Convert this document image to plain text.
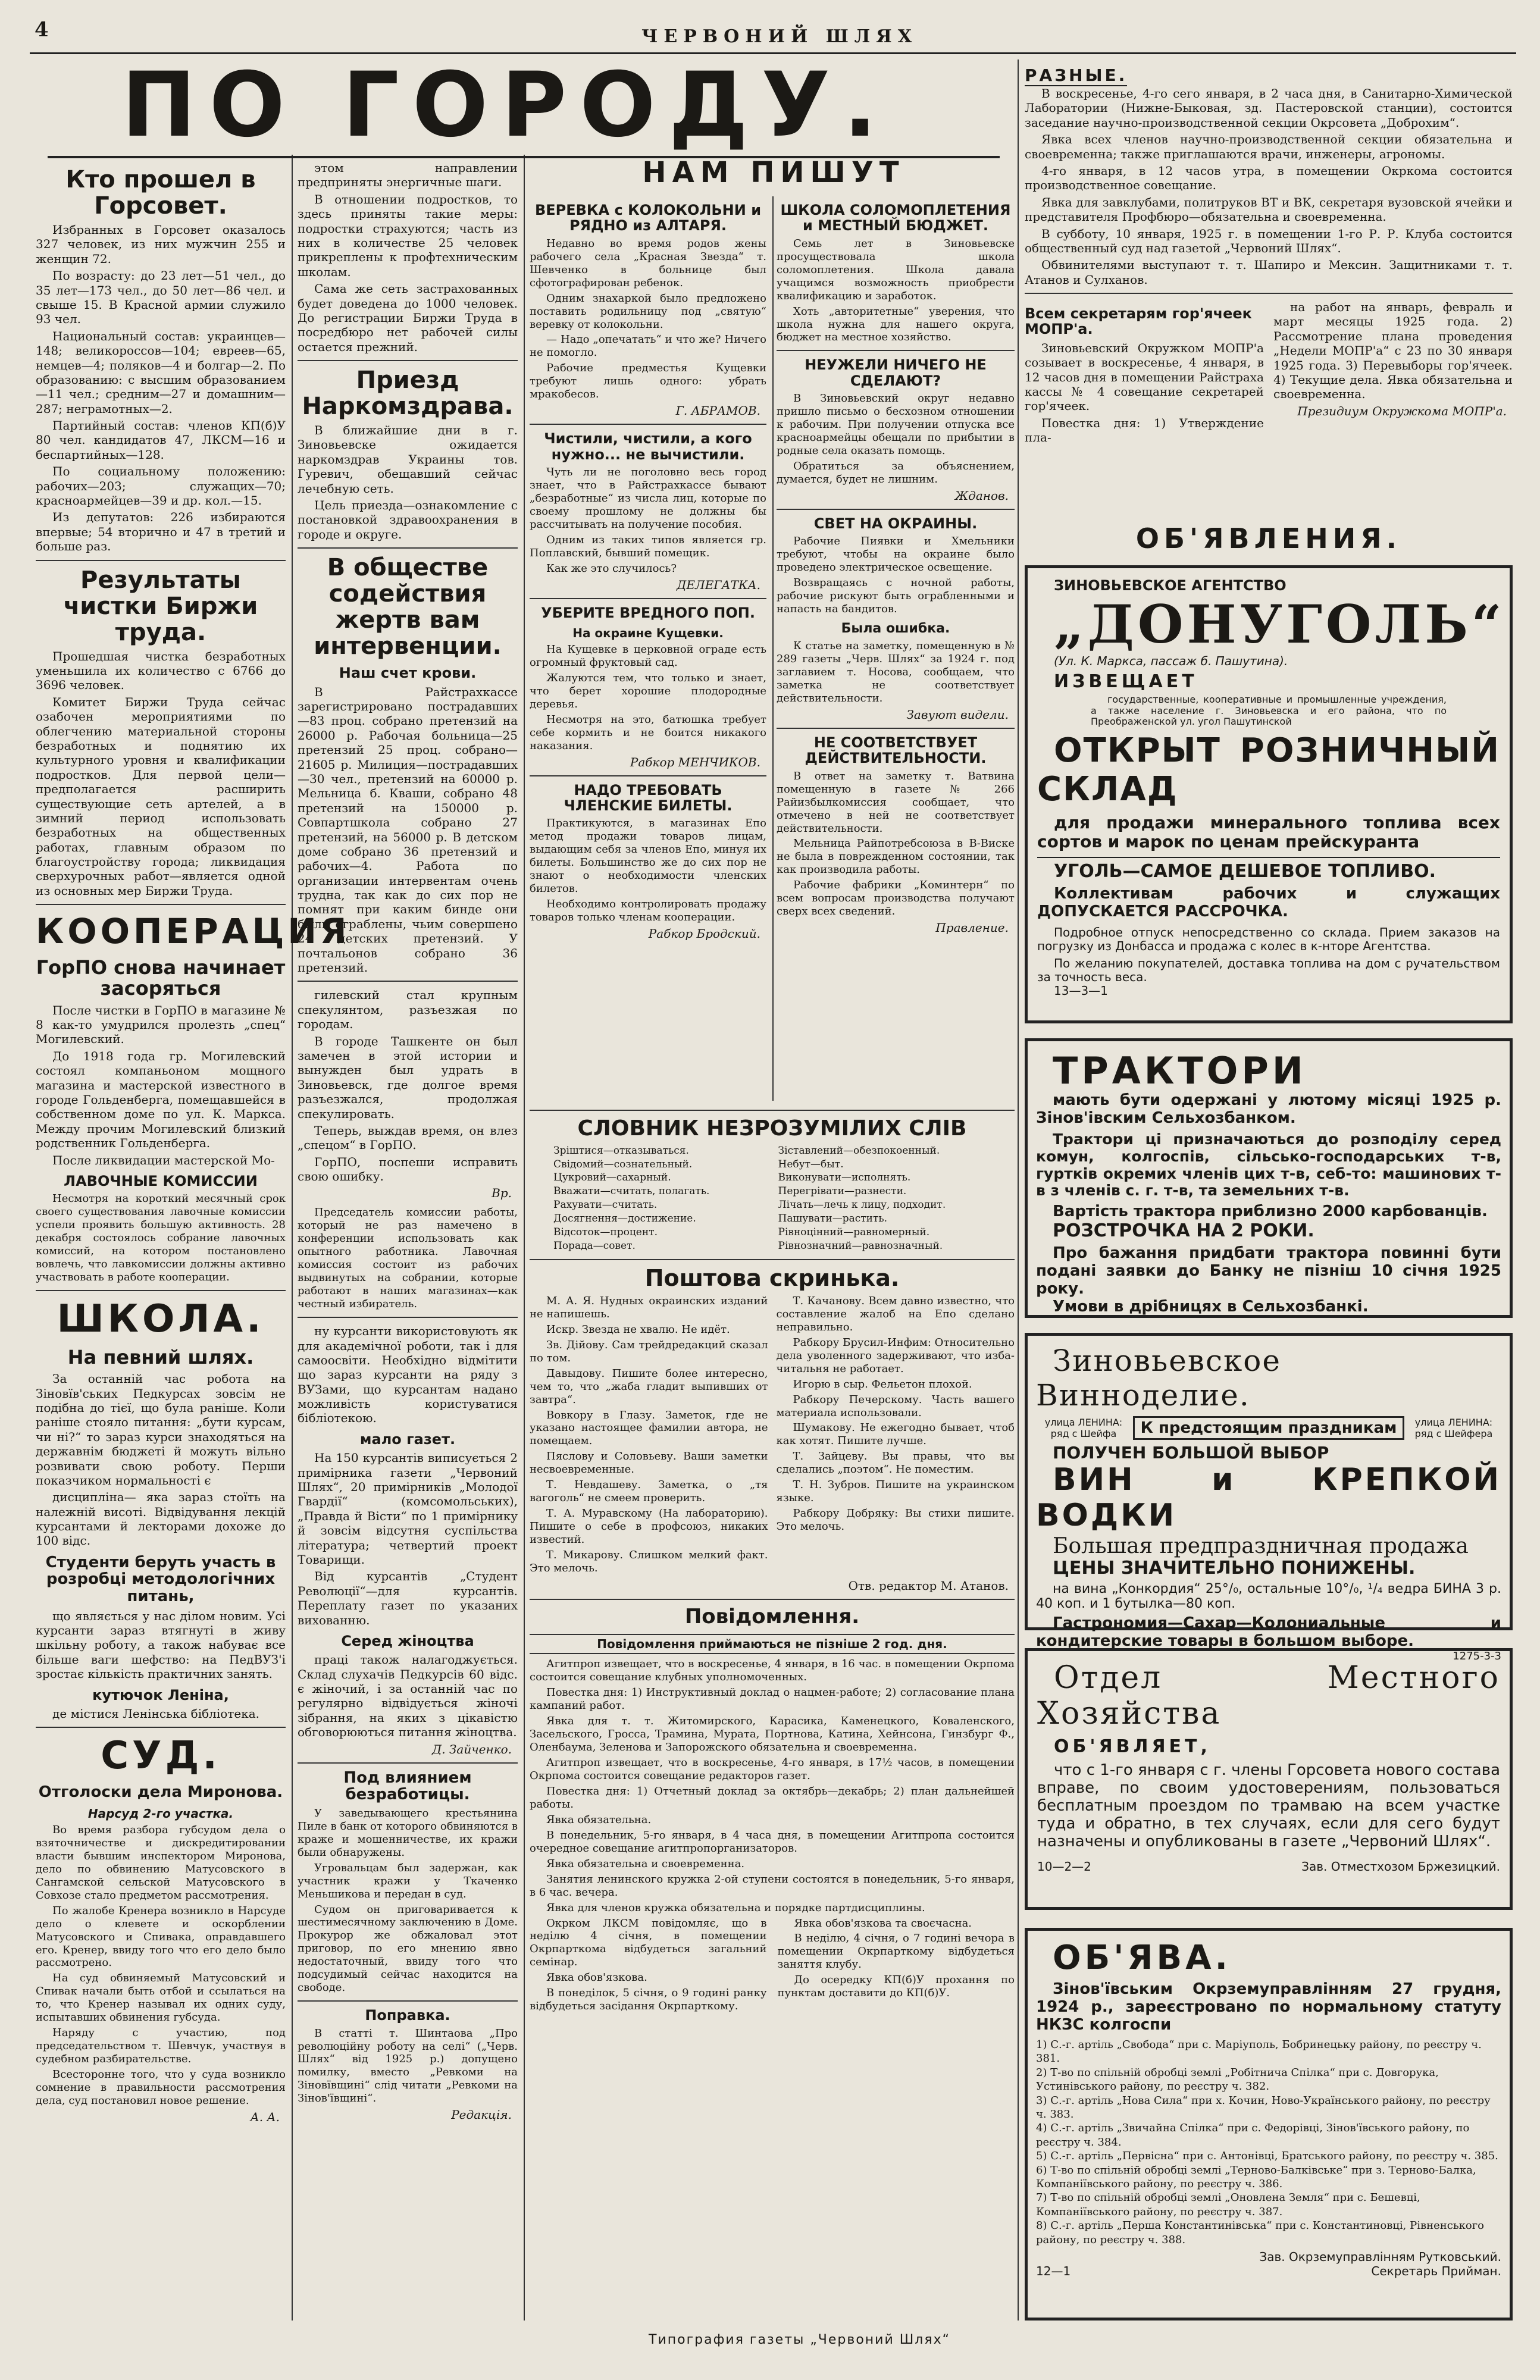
4	ЧЕРВОНИЙ ШЛЯХ
ПО ГОРОДУ.
Кто прошел в Горсовет.

Избранных в Горсовет оказалось 327 человек, из них мужчин 255 и женщин 72.

По возрасту: до 23 лет—51 чел., до 35 лет—173 чел., до 50 лет—86 чел. и свыше 15. В Красной армии служило 93 чел.

Национальный состав: украинцев—148; великороссов—104; евреев—65, немцев—4; поляков—4 и болгар—2. По образованию: с высшим образованием—11 чел.; средним—27 и домашним—287; неграмотных—2.

Партийный состав: членов КП(б)У 80 чел. кандидатов 47, ЛКСМ—16 и беспартийных—128.

По социальному положению: рабочих—203; служащих—70; красноармейцев—39 и др. кол.—15.

Из депутатов: 226 избираются впервые; 54 вторично и 47 в третий и больше раз.

Результаты чистки Биржи труда.

Прошедшая чистка безработных уменьшила их количество с 6766 до 3696 человек.

Комитет Биржи Труда сейчас озабочен мероприятиями по облегчению материальной стороны безработных и поднятию их культурного уровня и квалификации подростков. Для первой цели—предполагается расширить существующие сеть артелей, а в зимний период использовать безработных на общественных работах, главным образом по благоустройству города; ликвидация сверхурочных работ—является одной из основных мер Биржи Труда.

КООПЕРАЦИЯ
ГорПО снова начинает засоряться

После чистки в ГорПО в магазине № 8 как-то умудрился пролезть „спец“ Могилевский.

До 1918 года гр. Могилевский состоял компаньоном мощного магазина и мастерской известного в городе Гольденберга, помещавшейся в собственном доме по ул. К. Маркса. Между прочим Могилевский близкий родственник Гольденберга.

После ликвидации мастерской Мо-

ЛАВОЧНЫЕ КОМИССИИ

Несмотря на короткий месячный срок своего существования лавочные комиссии успели проявить большую активность. 28 декабря состоялось собрание лавочных комиссий, на котором постановлено вовлечь, что лавкомиссии должны активно участвовать в работе кооперации.

ШКОЛА.
На певний шлях.

За останній час робота на Зіновїв'ських Педкурсах зовсім не подібна до тієї, що була раніше. Коли раніше стояло питання: „бути курсам, чи ні?“ то зараз курси знаходяться на державнім бюджеті й можуть вільно розвивати свою роботу. Перши показчиком нормальності є

дисципліна— яка зараз стоїть на належній висоті. Відвідування лекцій курсантами й лекторами дохоже до 100 відс.

Студенти беруть участь в розробці методологічних питань,

що являється у нас ділом новим. Усі курсанти зараз втягнуті в живу шкільну роботу, а також набуває все більше ваги шефство: на ПедВУЗ'і зростає кількість практичних занять.

кутючок Леніна,

де містися Ленінська бібліотека.

СУД.
Отголоски дела Миронова.
Нарсуд 2-го участка.

Во время разбора губсудом дела о взяточничестве и дискредитировании власти бывшим инспектором Миронова, дело по обвинению Матусовского в Сангамской сельской Матусовского в Совхозе стало предметом рассмотрения.

По жалобе Кренера возникло в Нарсуде дело о клевете и оскорблении Матусовского и Спивака, оправдавшего его. Кренер, ввиду того что его дело было рассмотрено.

На суд обвиняемый Матусовский и Спивак начали быть отбой и ссылаться на то, что Кренер называл их одних суду, испытавших обвинения губсуда.

Наряду с участию, под председательством т. Шевчук, участвуя в судебном разбирательстве.

Всесторонне того, что у суда возникло сомнение в правильности рассмотрения дела, суд постановил новое решение.

А. А.

этом направлении предприняты энергичные шаги.

В отношении подростков, то здесь приняты такие меры: подростки страхуются; часть из них в количестве 25 человек прикреплены к профтехническим школам.

Сама же сеть застрахованных будет доведена до 1000 человек. До регистрации Биржи Труда в посредбюро нет рабочей силы остается прежний.

Приезд Наркомздрава.

В ближайшие дни в г. Зиновьевске ожидается наркомздрав Украины тов. Гуревич, обещавший сейчас лечебную сеть.

Цель приезда—ознакомление с постановкой здравоохранения в городе и округе.

В обществе содействия жертв вам интервенции.
Наш счет крови.

В Райстрахкассе зарегистрировано пострадавших—83 проц. собрано претензий на 26000 р. Рабочая больница—25 претензий 25 проц. собрано—21605 р. Милиция—пострадавших—30 чел., претензий на 60000 р. Мельница б. Кваши, собрано 48 претензий на 150000 р. Совпартшкола собрано 27 претензий, на 56000 р. В детском доме собрано 36 претензий и рабочих—4. Работа по организации интервентам очень трудна, так как до сих пор не помнят при каким бинде они были ограблены, чьим совершено 24 детских претензий. У почтальонов собрано 36 претензий.

гилевский стал крупным спекулянтом, разъезжая по городам.

В городе Ташкенте он был замечен в этой истории и вынужден был удрать в Зиновьевск, где долгое время разъезжался, продолжая спекулировать.

Теперь, выждав время, он влез „спецом“ в ГорПО.

ГорПО, поспеши исправить свою ошибку.

Вр.

Председатель комиссии работы, который не раз намечено в конференции использовать как опытного работника. Лавочная комиссия состоит из рабочих выдвинутых на собрании, которые работают в наших магазинах—как честный избиратель.

ну курсанти використовують як для академічної роботи, так і для самоосвіти. Необхідно відмітити що зараз курсанти на ряду з ВУЗами, що курсантам надано можливість користуватися бібліотекою.

мало газет.

На 150 курсантів виписується 2 примірника газети „Червоний Шлях“, 20 примірників „Молодої Гвардії“ (комсомольських), „Правда й Вісти“ по 1 примірнику й зовсім відсутня суспільства література; четвертий проект Товарищи.

Від курсантів „Студент Революції“—для курсантів. Переплату газет по указаних вихованню.

Серед жіноцтва

праці також налагоджується. Склад слухачів Педкурсів 60 відс. є жіночий, і за останній час по регулярно відвідується жіночі зібрання, на яких з цікавістю обговорюються питання жіноцтва.

Д. Зайченко.
Под влиянием безработицы.

У заведывающего крестьянина Пиле в банк от которого обвиняются в краже и мошенничестве, их кражи были обнаружены.

Угровальцам был задержан, как участник кражи у Ткаченко Меньшикова и передан в суд.

Судом он приговаривается к шестимесячному заключению в Доме. Прокурор же обжаловал этот приговор, по его мнению явно недостаточный, ввиду того что подсудимый сейчас находится на свободе.

Поправка.

В статті т. Шинтаова „Про революційну роботу на селі“ („Черв. Шлях“ від 1925 р.) допущено помилку, вместо „Ревкоми на Зіновївщині“ слід читати „Ревкоми на Зінов'ївщині“.

Редакція.
НАМ ПИШУТ
ВЕРЕВКА с КОЛОКОЛЬНИ и РЯДНО из АЛТАРЯ.

Недавно во время родов жены рабочего села „Красная Звезда“ т. Шевченко в больнице был сфотографирован ребенок.

Одним знахаркой было предложено поставить родильницу под „святую“ веревку от колокольни.

— Надо „опечатать“ и что же? Ничего не помогло.

Рабочие предместья Кущевки требуют лишь одного: убрать мракобесов.

Г. АБРАМОВ.
Чистили, чистили, а кого нужно... не вычистили.

Чуть ли не поголовно весь город знает, что в Райстрахкассе бывают „безработные“ из числа лиц, которые по своему прошлому не должны бы рассчитывать на получение пособия.

Одним из таких типов является гр. Поплавский, бывший помещик.

Как же это случилось?

ДЕЛЕГАТКА.
УБЕРИТЕ ВРЕДНОГО ПОП.
На окраине Кущевки.

На Кущевке в церковной ограде есть огромный фруктовый сад.

Жалуются тем, что только и знает, что берет хорошие плодородные деревья.

Несмотря на это, батюшка требует себе кормить и не боится никакого наказания.

Рабкор МЕНЧИКОВ.
НАДО ТРЕБОВАТЬ ЧЛЕНСКИЕ БИЛЕТЫ.

Практикуются, в магазинах Епо метод продажи товаров лицам, выдающим себя за членов Епо, минуя их билеты. Большинство же до сих пор не знают о необходимости членских билетов.

Необходимо контролировать продажу товаров только членам кооперации.

Рабкор Бродский.
ШКОЛА СОЛОМОПЛЕТЕНИЯ и МЕСТНЫЙ БЮДЖЕТ.

Семь лет в Зиновьевске просуществовала школа соломоплетения. Школа давала учащимся возможность приобрести квалификацию и заработок.

Хоть „авторитетные“ уверения, что школа нужна для нашего округа, бюджет на местное хозяйство.

НЕУЖЕЛИ НИЧЕГО НЕ СДЕЛАЮТ?

В Зиновьевский округ недавно пришло письмо о бесхозном отношении к рабочим. При получении отпуска все красноармейцы обещали по прибытии в родные села оказать помощь.

Обратиться за объяснением, думается, будет не лишним.

Жданов.
СВЕТ НА ОКРАИНЫ.

Рабочие Пиявки и Хмельники требуют, чтобы на окраине было проведено электрическое освещение.

Возвращаясь с ночной работы, рабочие рискуют быть ограбленными и напасть на бандитов.

Была ошибка.

К статье на заметку, помещенную в № 289 газеты „Черв. Шлях“ за 1924 г. под заглавием т. Носова, сообщаем, что заметка не соответствует действительности.

Завуют видели.
НЕ СООТВЕТСТВУЕТ ДЕЙСТВИТЕЛЬНОСТИ.

В ответ на заметку т. Ватвина помещенную в газете № 266 Райизбылкомиссия сообщает, что отмечено в ней не соответствует действительности.

Мельница Райпотребсоюза в В-Виске не была в поврежденном состоянии, так как производила работы.

Рабочие фабрики „Коминтерн“ по всем вопросам производства получают сверх всех сведений.

Правление.
СЛОВНИК НЕЗРОЗУМІЛИХ СЛІВ
Зріштися—отказываться.
Свідомий—сознательный.
Цукровий—сахарный.
Вважати—считать, полагать.
Рахувати—считать.
Досягнення—достижение.
Відсоток—процент.
Порада—совет.
Зіставлений—обезпокоенный.
Небут—быт.
Виконувати—исполнять.
Перегрівати—разнести.
Лічать—лечь к лицу, подходит.
Пашувати—растить.
Рівноцінний—равномерный.
Рівнозначний—равнозначный.
Поштова скринька.

М. А. Я. Нудных окраинских изданий не напишешь.

Искр. Звезда не хвалю. Не идёт.

Зв. Дійову. Сам трейдредакций сказал по том.

Давыдову. Пишите более интересно, чем то, что „жаба гладит выпивших от завтра“.

Вовкору в Глазу. Заметок, где не указано настоящее фамилии автора, не помещаем.

Пяслову и Соловьеву. Ваши заметки несвоевременные.

Т. Невдашеву. Заметка, о „тя вагоголь“ не смеем проверить.

Т. А. Муравскому (На лабораторию). Пишите о себе в профсоюз, никаких известий.

Т. Микарову. Слишком мелкий факт. Это мелочь.

Т. Качанову. Всем давно известно, что составление жалоб на Епо сделано неправильно.

Рабкору Брусил-Инфим: Относительно дела уволенного задерживают, что изба-читальня не работает.

Игорю в сыр. Фельетон плохой.

Рабкору Печерскому. Часть вашего материала использовали.

Шумакову. Не ежегодно бывает, чтоб как хотят. Пишите лучше.

Т. Зайцеву. Вы правы, что вы сделались „поэтом“. Не поместим.

Т. Н. Зубров. Пишите на украинском языке.

Рабкору Добряку: Вы стихи пишите. Это мелочь.

Отв. редактор М. Атанов.
Повідомлення.
Повідомлення приймаються не пізніше 2 год. дня.

Агитпроп извещает, что в воскресенье, 4 января, в 16 час. в помещении Окрпома состоится совещание клубных уполномоченных.

Повестка дня: 1) Инструктивный доклад о нацмен-работе; 2) согласование плана кампаний работ.

Явка для т. т. Житомирского, Карасика, Каменецкого, Коваленского, Засельского, Гросса, Трамина, Мурата, Портнова, Катина, Хейнсона, Гинзбург Ф., Оленбаума, Зеленова и Запорожского обязательна и своевременна.

Агитпроп извещает, что в воскресенье, 4-го января, в 17½ часов, в помещении Окрпома состоится совещание редакторов газет.

Повестка дня: 1) Отчетный доклад за октябрь—декабрь; 2) план дальнейшей работы.

Явка обязательна.

В понедельник, 5-го января, в 4 часа дня, в помещении Агитпропа состоится очередное совещание агитпропорганизаторов.

Явка обязательна и своевременна.

Занятия ленинского кружка 2-ой ступени состоятся в понедельник, 5-го января, в 6 час. вечера.

Явка для членов кружка обязательна и порядке партдисциплины.

Окрком ЛКСМ повідомляє, що в неділю 4 січня, в помещении Окрпарткома відбудеться загальний семінар.

Явка обов'язкова.

В понеділок, 5 січня, о 9 годині ранку відбудеться засідання Окрпарткому.

Явка обов'язкова та своєчасна.

В неділю, 4 січня, о 7 годині вечора в помещении Окрпарткому відбудеться заняття клубу.

До осередку КП(б)У прохання по пунктам доставити до КП(б)У.

РАЗНЫЕ.

В воскресенье, 4-го сего января, в 2 часа дня, в Санитарно-Химической Лаборатории (Нижне-Быковая, зд. Пастеровской станции), состоится заседание научно-производственной секции Окрсовета „Доброхим“.

Явка всех членов научно-производственной секции обязательна и своевременна; также приглашаются врачи, инженеры, агрономы.

4-го января, в 12 часов утра, в помещении Окркома состоится производственное совещание.

Явка для завклубами, политруков ВТ и ВК, секретаря вузовской ячейки и представителя Профбюро—обязательна и своевременна.

В субботу, 10 января, 1925 г. в помещении 1-го Р. Р. Клуба состоится общественный суд над газетой „Червоний Шлях“.

Обвинителями выступают т. т. Шапиро и Мексин. Защитниками т. т. Атанов и Сулханов.

Всем секретарям гор'ячеек МОПР'а.

Зиновьевский Окружком МОПР'а созывает в воскресенье, 4 января, в 12 часов дня в помещении Райстраха кассы № 4 совещание секретарей гор'ячеек.

Повестка дня: 1) Утверждение пла-

на работ на январь, февраль и март месяцы 1925 года. 2) Рассмотрение плана проведения „Недели МОПР'а“ с 23 по 30 января 1925 года. 3) Перевыборы гор'ячеек. 4) Текущие дела. Явка обязательна и своевременна.

Президиум Окружкома МОПР'а.
ОБ'ЯВЛЕНИЯ.

ЗИНОВЬЕВСКОЕ АГЕНТСТВО

„ДОНУГОЛЬ“

(Ул. К. Маркса, пассаж б. Пашутина).

ИЗВЕЩАЕТ

государственные, кооперативные и промышленные учреждения, а также население г. Зиновьевска и его района, что по Преображенской ул. угол Пашутинской

ОТКРЫТ РОЗНИЧНЫЙ СКЛАД

для продажи минерального топлива всех сортов и марок по ценам прейскуранта

УГОЛЬ—САМОЕ ДЕШЕВОЕ ТОПЛИВО.

Коллективам рабочих и служащих ДОПУСКАЕТСЯ РАССРОЧКА.

Подробное отпуск непосредственно со склада. Прием заказов на погрузку из Донбасса и продажа с колес в к-нторе Агентства.

По желанию покупателей, доставка топлива на дом с ручательством за точность веса.

13—3—1

ТРАКТОРИ

мають бути одержані у лютому місяці 1925 р. Зінов'івским Сельхозбанком.

Трактори ці призначаються до розподілу серед комун, колгоспів, сільсько-господарських т-в, гуртків окремих членів цих т-в, себ-то: машинових т-в з членів с. г. т-в, та земельних т-в.

Вартість трактора приблизно 2000 карбованців.

РОЗСТРОЧКА НА 2 РОКИ.

Про бажання придбати трактора повинні бути подані заявки до Банку не пізніш 10 січня 1925 року.

Умови в дрібницях в Сельхозбанкі.

Зиновьевское Винноделие.

улица ЛЕНИНА: ряд с Шейфа	К предстоящим праздникам	улица ЛЕНИНА: ряд с Шейфера

ПОЛУЧЕН БОЛЬШОЙ ВЫБОР

ВИН и КРЕПКОЙ ВОДКИ

Большая предпраздничная продажа

ЦЕНЫ ЗНАЧИТЕЛЬНО ПОНИЖЕНЫ.

на вина „Конкордия“ 25°/₀, остальные 10°/₀, ¹/₄ ведра БИНА 3 р. 40 коп. и 1 бутылка—80 коп.

Гастрономия—Сахар—Колониальные и кондитерские товары в большом выборе.

1275-3-3

Отдел Местного Хозяйства

ОБ'ЯВЛЯЕТ,

что с 1-го января с г. члены Горсовета нового состава вправе, по своим удостоверениям, пользоваться бесплатным проездом по трамваю на всем участке туда и обратно, в тех случаях, если для сего будут назначены и опубликованы в газете „Червоний Шлях“.

10—2—2	Зав. Отместхозом Бржезицкий.

ОБ'ЯВА.

Зінов'ївським Окрземуправлінням 27 грудня, 1924 р., зареєстровано по нормальному статуту НКЗС колгоспи

1) С.-г. артіль „Свобода“ при с. Маріуполь, Бобринецьку району, по реєстру ч. 381.
2) Т-во по спільній обробці землі „Робітнича Спілка“ при с. Довгорука, Устинівського району, по реєстру ч. 382.
3) С.-г. артіль „Нова Сила“ при х. Кочин, Ново-Українського району, по реєстру ч. 383.
4) С.-г. артіль „Звичайна Спілка“ при с. Федорівці, Зінов'ївського району, по реєстру ч. 384.
5) С.-г. артіль „Первісна“ при с. Антонівці, Братського району, по реєстру ч. 385.
6) Т-во по спільній обробці землі „Терново-Балківське“ при з. Терново-Балка, Компаніївського району, по реєстру ч. 386.
7) Т-во по спільній обробці землі „Оновлена Земля“ при с. Бешевці, Компаніївського району, по реєстру ч. 387.
8) С.-г. артіль „Перша Константинівська“ при с. Константиновці, Рівненського району, по реєстру ч. 388.

Зав. Окрземуправлінням Рутковський.

12—1	Секретарь Прийман.
Типография газеты „Червоний Шлях“
